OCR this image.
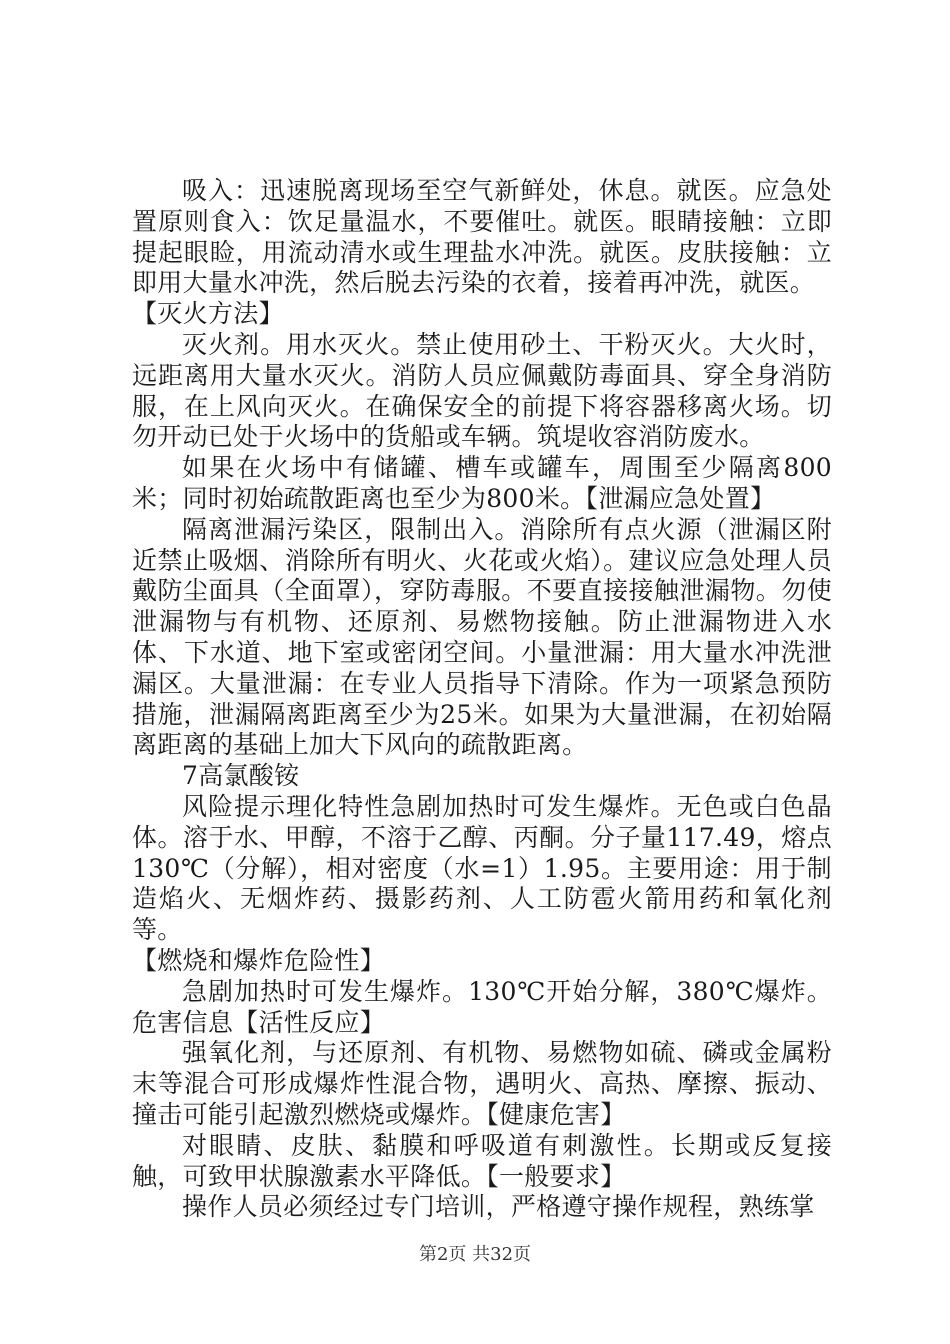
吸入：迅速脱离现场至空气新鲜处，休息。就医。应急处置原则食入：饮足量温水，不要催吐。就医。眼睛接触：立即提起眼睑，用流动清水或生理盐水冲洗。就医。皮肤接触：立即用大量水冲洗，然后脱去污染的衣着，接着再冲洗，就医。

【灭火方法】

灭火剂。用水灭火。禁止使用砂土、干粉灭火。大火时，远距离用大量水灭火。消防人员应佩戴防毒面具、穿全身消防服，在上风向灭火。在确保安全的前提下将容器移离火场。切勿开动已处于火场中的货船或车辆。筑堤收容消防废水。

如果在火场中有储罐、槽车或罐车，周围至少隔离800米；同时初始疏散距离也至少为800米。【泄漏应急处置】

隔离泄漏污染区，限制出入。消除所有点火源（泄漏区附近禁止吸烟、消除所有明火、火花或火焰）。建议应急处理人员戴防尘面具（全面罩），穿防毒服。不要直接接触泄漏物。勿使泄漏物与有机物、还原剂、易燃物接触。防止泄漏物进入水体、下水道、地下室或密闭空间。小量泄漏：用大量水冲洗泄漏区。大量泄漏：在专业人员指导下清除。作为一项紧急预防措施，泄漏隔离距离至少为25米。如果为大量泄漏，在初始隔离距离的基础上加大下风向的疏散距离。

7高氯酸铵

风险提示理化特性急剧加热时可发生爆炸。无色或白色晶体。溶于水、甲醇，不溶于乙醇、丙酮。分子量117.49，熔点130℃（分解），相对密度（水=1）1.95。主要用途：用于制造焰火、无烟炸药、摄影药剂、人工防雹火箭用药和氧化剂等。

【燃烧和爆炸危险性】

急剧加热时可发生爆炸。130℃开始分解，380℃爆炸。危害信息【活性反应】

强氧化剂，与还原剂、有机物、易燃物如硫、磷或金属粉末等混合可形成爆炸性混合物，遇明火、高热、摩擦、振动、撞击可能引起激烈燃烧或爆炸。【健康危害】

对眼睛、皮肤、黏膜和呼吸道有刺激性。长期或反复接触，可致甲状腺激素水平降低。【一般要求】

操作人员必须经过专门培训，严格遵守操作规程，熟练掌

第2页 共32页
